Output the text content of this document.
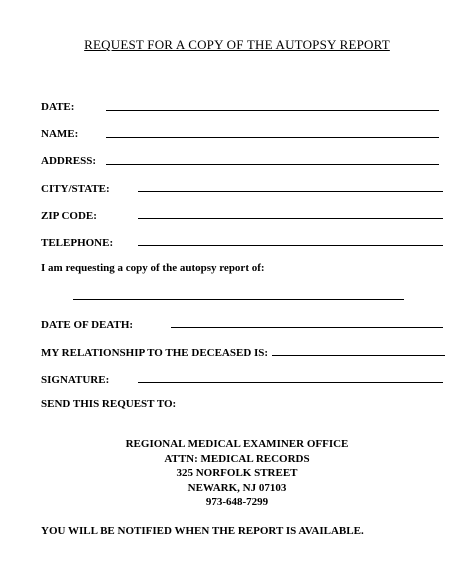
REQUEST FOR A COPY OF THE AUTOPSY REPORT
DATE:
NAME:
ADDRESS:
CITY/STATE:
ZIP CODE:
TELEPHONE:
I am requesting a copy of the autopsy report of:
DATE OF DEATH:
MY RELATIONSHIP TO THE DECEASED IS:
SIGNATURE:
SEND THIS REQUEST TO:
REGIONAL MEDICAL EXAMINER OFFICE
ATTN: MEDICAL RECORDS
325 NORFOLK STREET
NEWARK, NJ 07103
973-648-7299
YOU WILL BE NOTIFIED WHEN THE REPORT IS AVAILABLE.
